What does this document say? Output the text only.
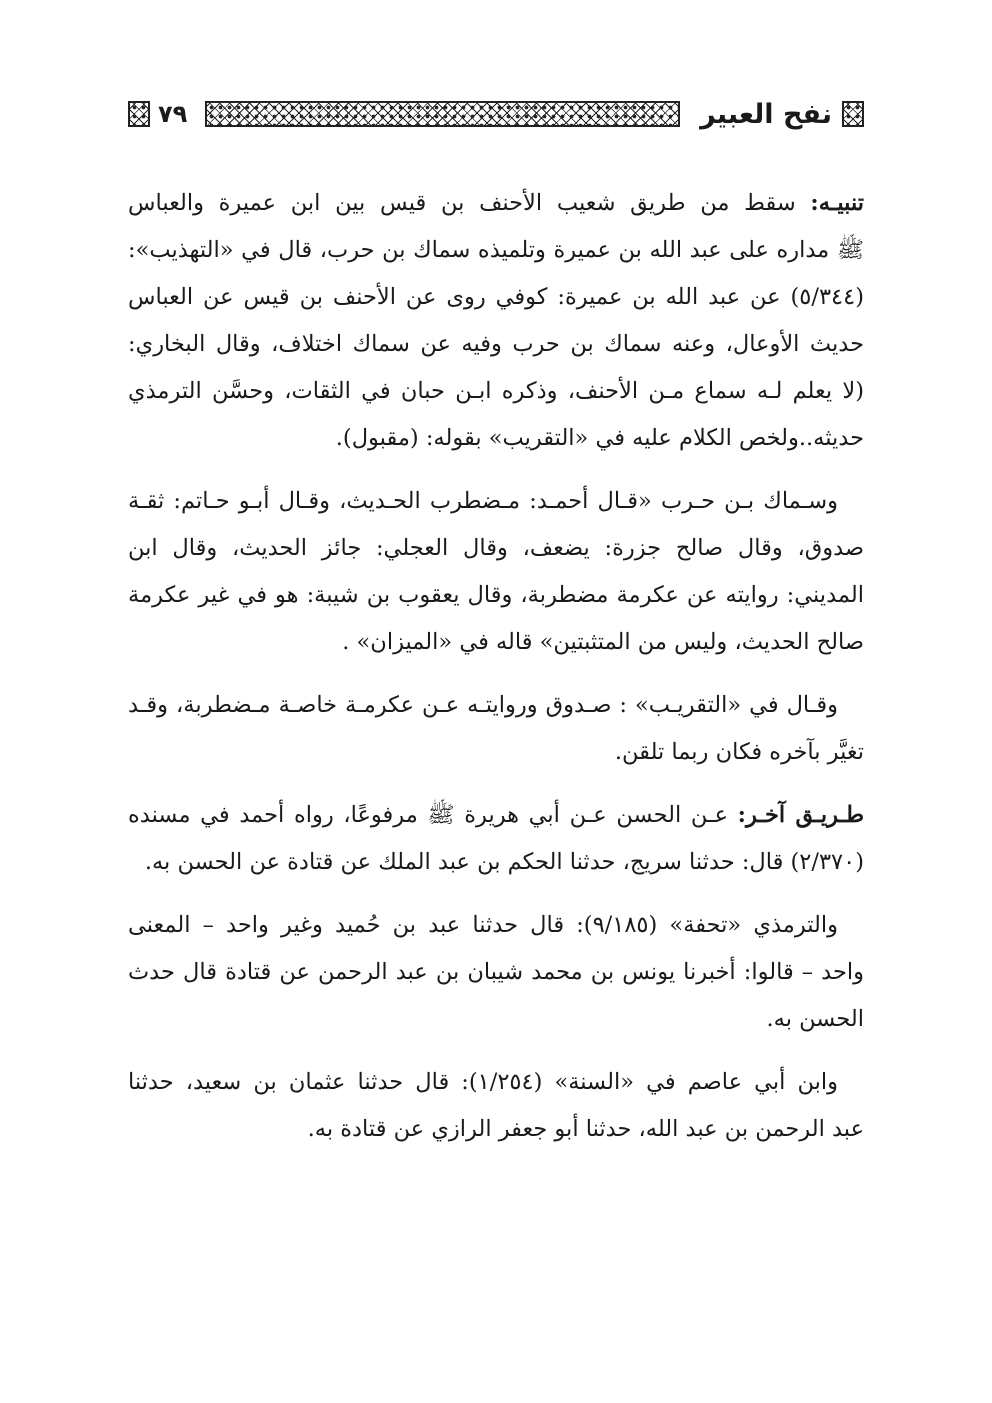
نفح العبير
٧٩
تنبيـه: سقط من طريق شعيب الأحنف بن قيس بين ابن عميرة والعباس
ﷺ مداره على عبد الله بن عميرة وتلميذه سماك بن حرب، قال في «التهذيب»:
(٥/٣٤٤) عن عبد الله بن عميرة: كوفي روى عن الأحنف بن قيس عن العباس
حديث الأوعال، وعنه سماك بن حرب وفيه عن سماك اختلاف، وقال البخاري:
(لا يعلم لـه سماع مـن الأحنف، وذكره ابـن حبان في الثقات، وحسَّن الترمذي
حديثه..ولخص الكلام عليه في «التقريب» بقوله: (مقبول).
وسـماك بـن حـرب «قـال أحمـد: مـضطرب الحـديث، وقـال أبـو حـاتم: ثقـة
صدوق، وقال صالح جزرة: يضعف، وقال العجلي: جائز الحديث، وقال ابن
المديني: روايته عن عكرمة مضطربة، وقال يعقوب بن شيبة: هو في غير عكرمة
صالح الحديث، وليس من المتثبتين» قاله في «الميزان» .
وقـال في «التقريـب» : صـدوق وروايتـه عـن عكرمـة خاصـة مـضطربة، وقـد
تغيَّر بآخره فكان ربما تلقن.
طـريـق آخـر: عـن الحسن عـن أبي هريرة ﷺ مرفوعًا، رواه أحمد في مسنده
(٢/٣٧٠) قال: حدثنا سريج، حدثنا الحكم بن عبد الملك عن قتادة عن الحسن به.
والترمذي «تحفة» (٩/١٨٥): قال حدثنا عبد بن حُميد وغير واحد – المعنى
واحد – قالوا: أخبرنا يونس بن محمد شيبان بن عبد الرحمن عن قتادة قال حدث
الحسن به.
وابن أبي عاصم في «السنة» (١/٢٥٤): قال حدثنا عثمان بن سعيد، حدثنا
عبد الرحمن بن عبد الله، حدثنا أبو جعفر الرازي عن قتادة به.
